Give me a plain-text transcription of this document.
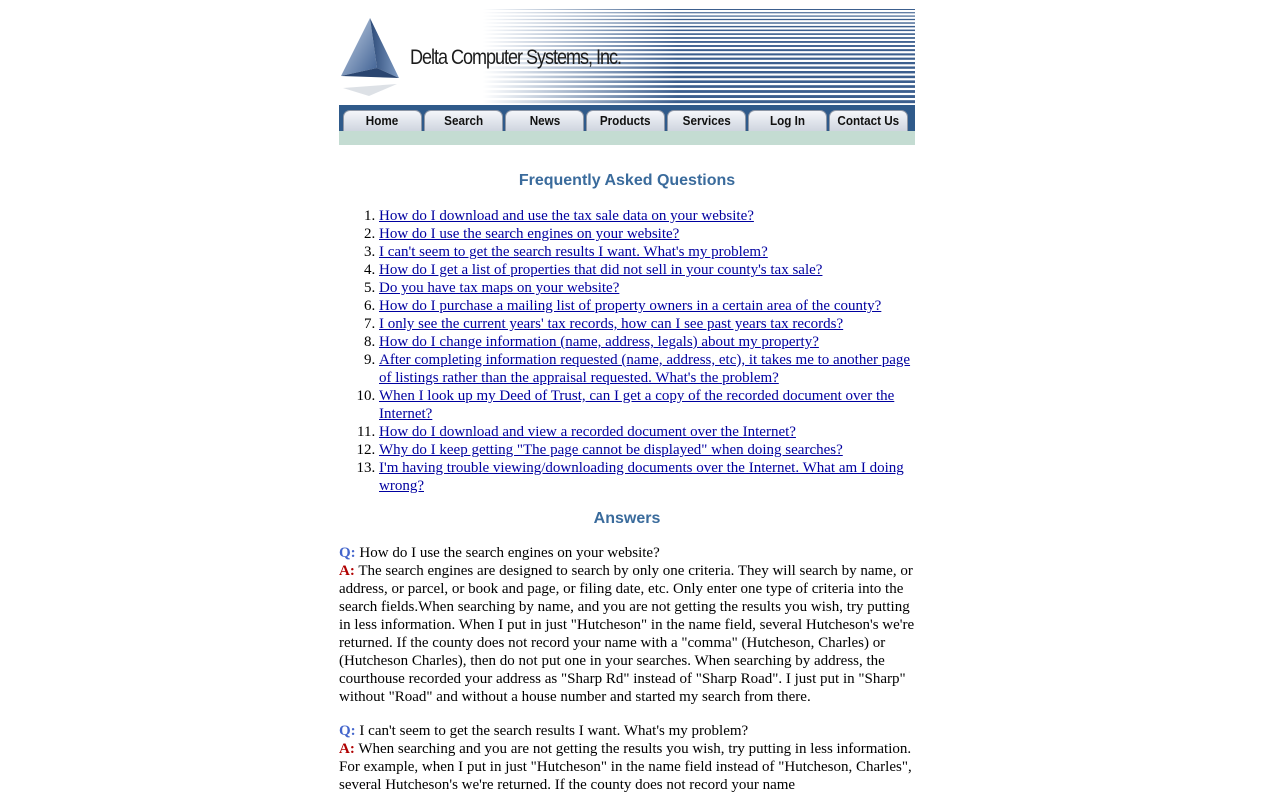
Delta Computer Systems, Inc.
Home	Search	News	Products	Services	Log In	Contact Us
Frequently Asked Questions
1. How do I download and use the tax sale data on your website?
2. How do I use the search engines on your website?
3. I can't seem to get the search results I want. What's my problem?
4. How do I get a list of properties that did not sell in your county's tax sale?
5. Do you have tax maps on your website?
6. How do I purchase a mailing list of property owners in a certain area of the county?
7. I only see the current years' tax records, how can I see past years tax records?
8. How do I change information (name, address, legals) about my property?
9. After completing information requested (name, address, etc), it takes me to another page of listings rather than the appraisal requested. What's the problem?
10. When I look up my Deed of Trust, can I get a copy of the recorded document over the Internet?
11. How do I download and view a recorded document over the Internet?
12. Why do I keep getting "The page cannot be displayed" when doing searches?
13. I'm having trouble viewing/downloading documents over the Internet. What am I doing wrong?
Answers
Q: How do I use the search engines on your website?
A: The search engines are designed to search by only one criteria. They will search by name, or address, or parcel, or book and page, or filing date, etc. Only enter one type of criteria into the search fields.When searching by name, and you are not getting the results you wish, try putting in less information. When I put in just "Hutcheson" in the name field, several Hutcheson's we're returned. If the county does not record your name with a "comma" (Hutcheson, Charles) or (Hutcheson Charles), then do not put one in your searches. When searching by address, the courthouse recorded your address as "Sharp Rd" instead of "Sharp Road". I just put in "Sharp" without "Road" and without a house number and started my search from there.
Q: I can't seem to get the search results I want. What's my problem?
A: When searching and you are not getting the results you wish, try putting in less information. For example, when I put in just "Hutcheson" in the name field instead of "Hutcheson, Charles", several Hutcheson's we're returned. If the county does not record your name
